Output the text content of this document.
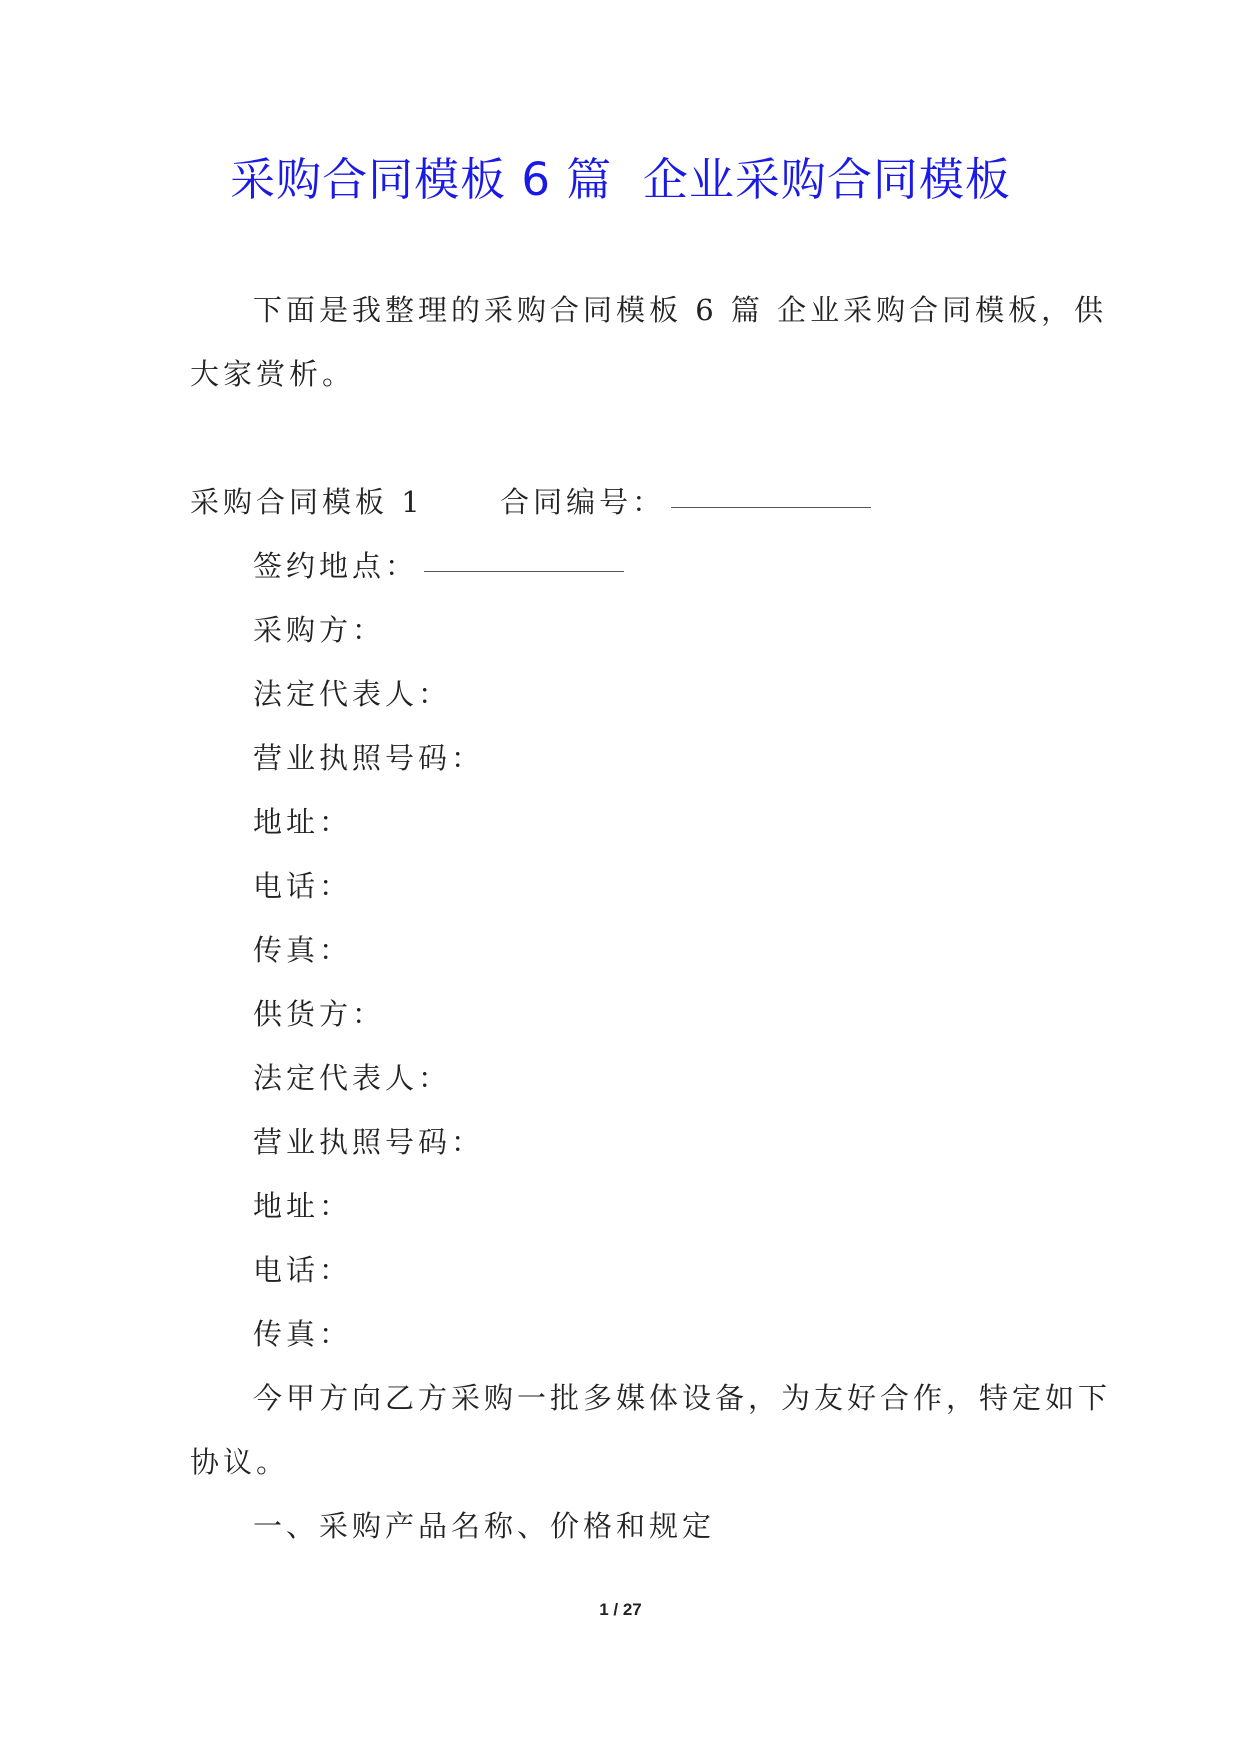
采购合同模板 6 篇  企业采购合同模板
下面是我整理的采购合同模板 6 篇 企业采购合同模板，供
大家赏析。
采购合同模板 1	合同编号：
签约地点：
采购方：
法定代表人：
营业执照号码：
地址：
电话：
传真：
供货方：
法定代表人：
营业执照号码：
地址：
电话：
传真：
今甲方向乙方采购一批多媒体设备，为友好合作，特定如下
协议。
一、采购产品名称、价格和规定
1 / 27
